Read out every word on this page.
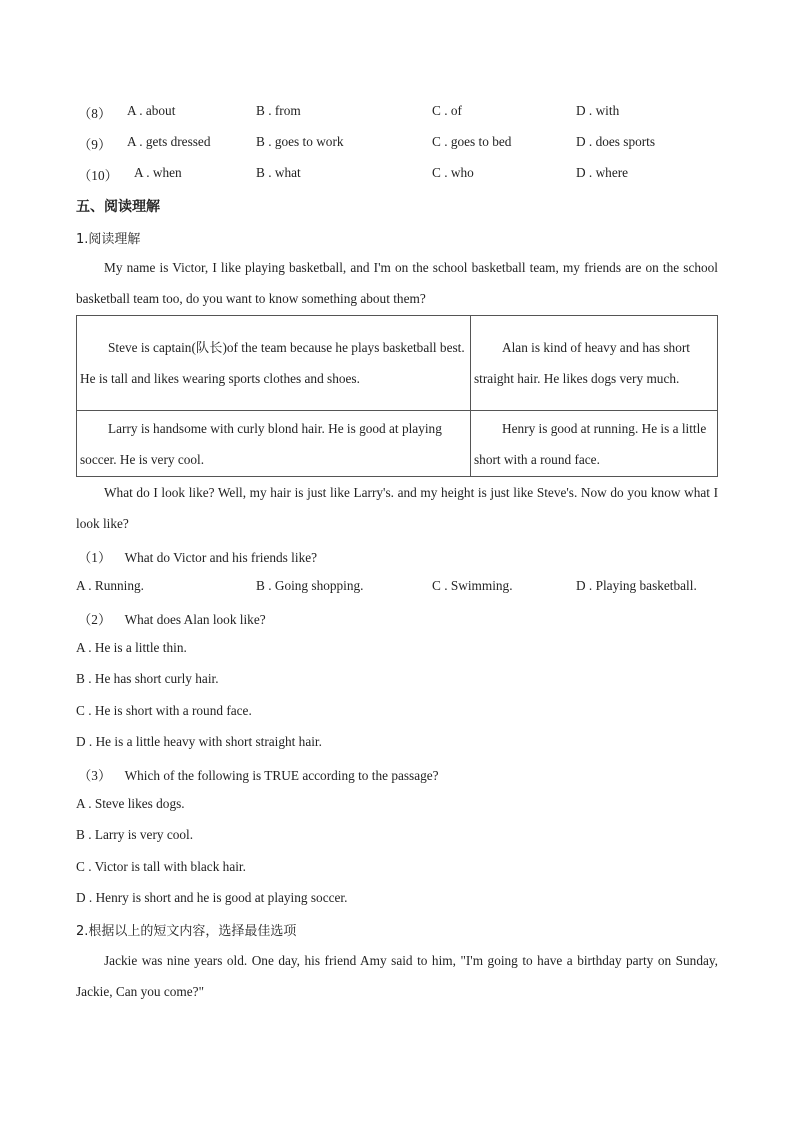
（8） A . about	B . from	C . of	D . with
（9） A . gets dressed	B . goes to work	C . goes to bed	D . does sports
（10） A . when	B . what	C . who	D . where
五、阅读理解
1.阅读理解
My name is Victor, I like playing basketball, and I'm on the school basketball team, my friends are on the school basketball team too, do you want to know something about them?
Steve is captain(队长)of the team because he plays basketball best. He is tall and likes wearing sports clothes and shoes.	Alan is kind of heavy and has short straight hair. He likes dogs very much.
Larry is handsome with curly blond hair. He is good at playing soccer. He is very cool.	Henry is good at running. He is a little short with a round face.
What do I look like? Well, my hair is just like Larry's. and my height is just like Steve's. Now do you know what I look like?
（1） What do Victor and his friends like?
A . Running.	B . Going shopping.	C . Swimming.	D . Playing basketball.
（2） What does Alan look like?
A . He is a little thin.
B . He has short curly hair.
C . He is short with a round face.
D . He is a little heavy with short straight hair.
（3） Which of the following is TRUE according to the passage?
A . Steve likes dogs.
B . Larry is very cool.
C . Victor is tall with black hair.
D . Henry is short and he is good at playing soccer.
2.根据以上的短文内容，选择最佳选项
Jackie was nine years old. One day, his friend Amy said to him, "I'm going to have a birthday party on Sunday, Jackie, Can you come?"
